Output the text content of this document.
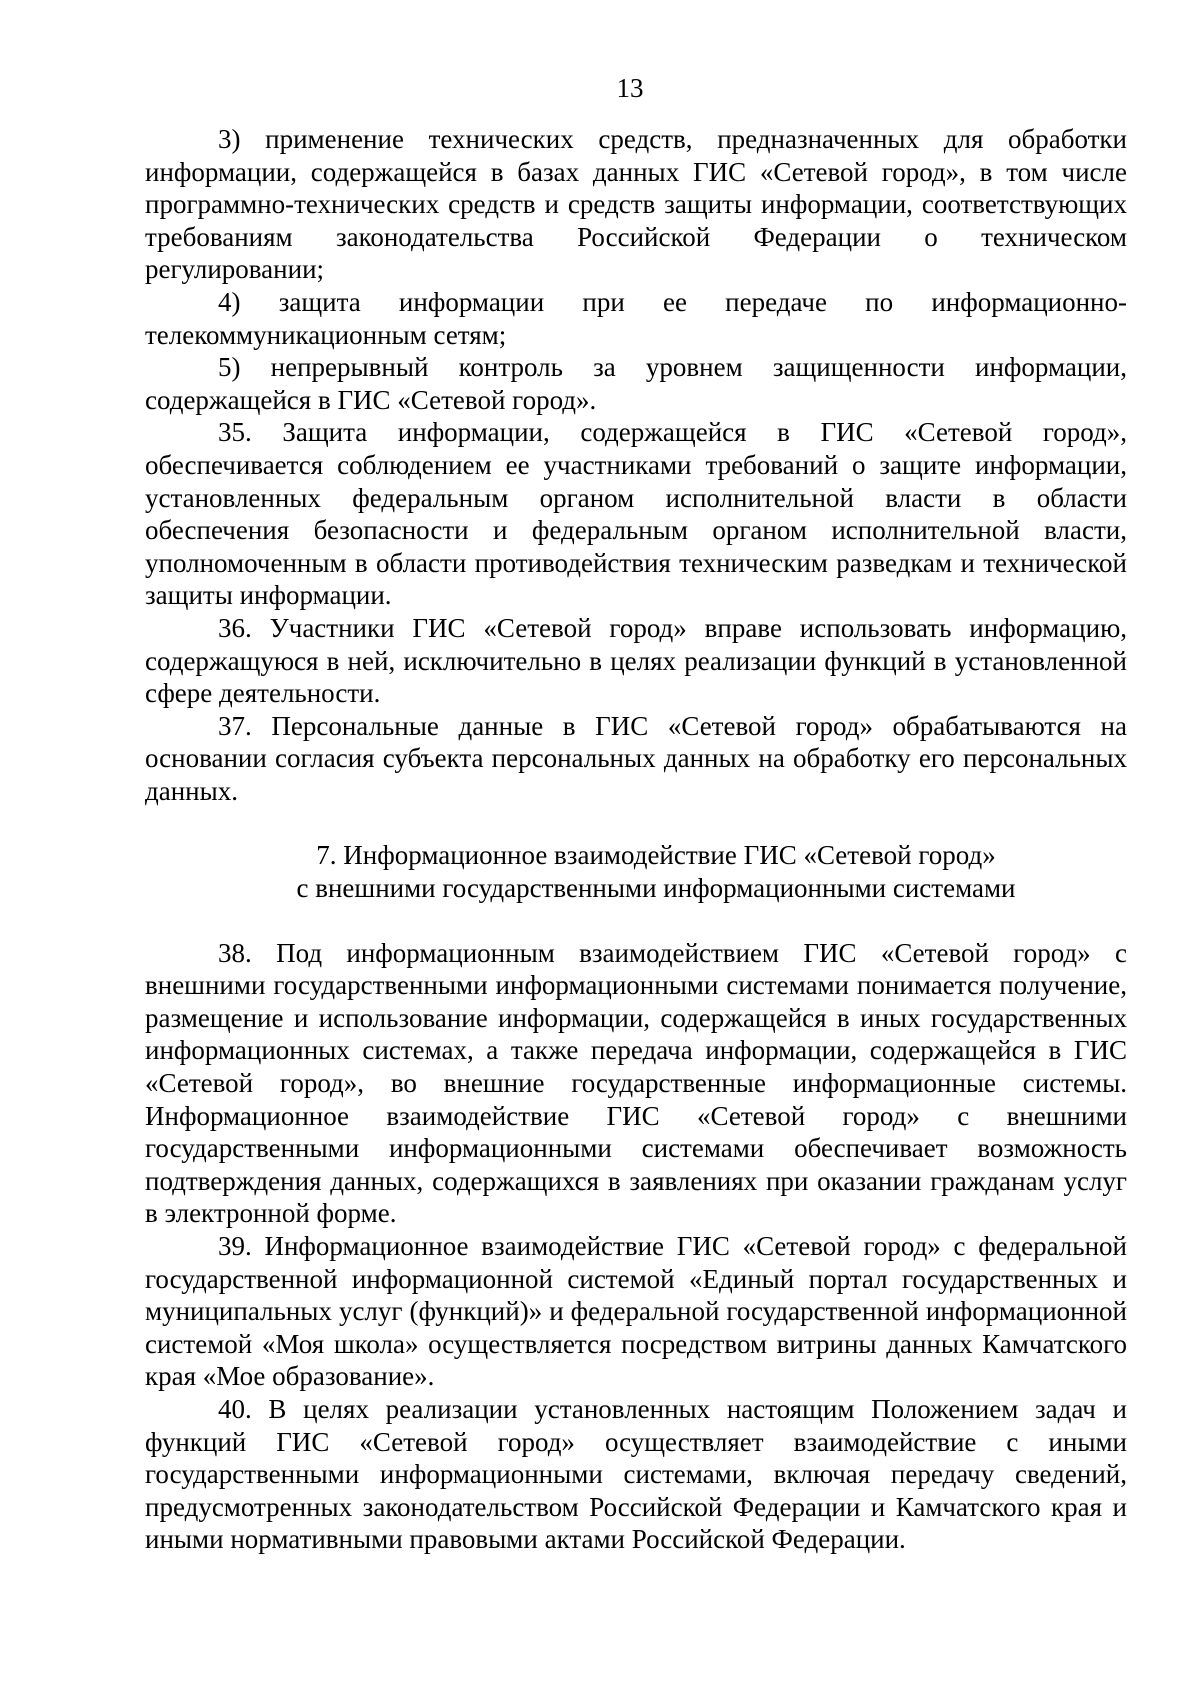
13

3) применение технических средств, предназначенных для обработки информации, содержащейся в базах данных ГИС «Сетевой город», в том числе программно-технических средств и средств защиты информации, соответствующих требованиям законодательства Российской Федерации о техническом регулировании;

4) защита информации при ее передаче по информационно-телекоммуникационным сетям;

5) непрерывный контроль за уровнем защищенности информации, содержащейся в ГИС «Сетевой город».

35. Защита информации, содержащейся в ГИС «Сетевой город», обеспечивается соблюдением ее участниками требований о защите информации, установленных федеральным органом исполнительной власти в области обеспечения безопасности и федеральным органом исполнительной власти, уполномоченным в области противодействия техническим разведкам и технической защиты информации.

36. Участники ГИС «Сетевой город» вправе использовать информацию, содержащуюся в ней, исключительно в целях реализации функций в установленной сфере деятельности.

37. Персональные данные в ГИС «Сетевой город» обрабатываются на основании согласия субъекта персональных данных на обработку его персональных данных.

7. Информационное взаимодействие ГИС «Сетевой город»
с внешними государственными информационными системами

38. Под информационным взаимодействием ГИС «Сетевой город» с внешними государственными информационными системами понимается получение, размещение и использование информации, содержащейся в иных государственных информационных системах, а также передача информации, содержащейся в ГИС «Сетевой город», во внешние государственные информационные системы. Информационное взаимодействие ГИС «Сетевой город» с внешними государственными информационными системами обеспечивает возможность подтверждения данных, содержащихся в заявлениях при оказании гражданам услуг в электронной форме.

39. Информационное взаимодействие ГИС «Сетевой город» с федеральной государственной информационной системой «Единый портал государственных и муниципальных услуг (функций)» и федеральной государственной информационной системой «Моя школа» осуществляется посредством витрины данных Камчатского края «Мое образование».

40. В целях реализации установленных настоящим Положением задач и функций ГИС «Сетевой город» осуществляет взаимодействие с иными государственными информационными системами, включая передачу сведений, предусмотренных законодательством Российской Федерации и Камчатского края и иными нормативными правовыми актами Российской Федерации.
